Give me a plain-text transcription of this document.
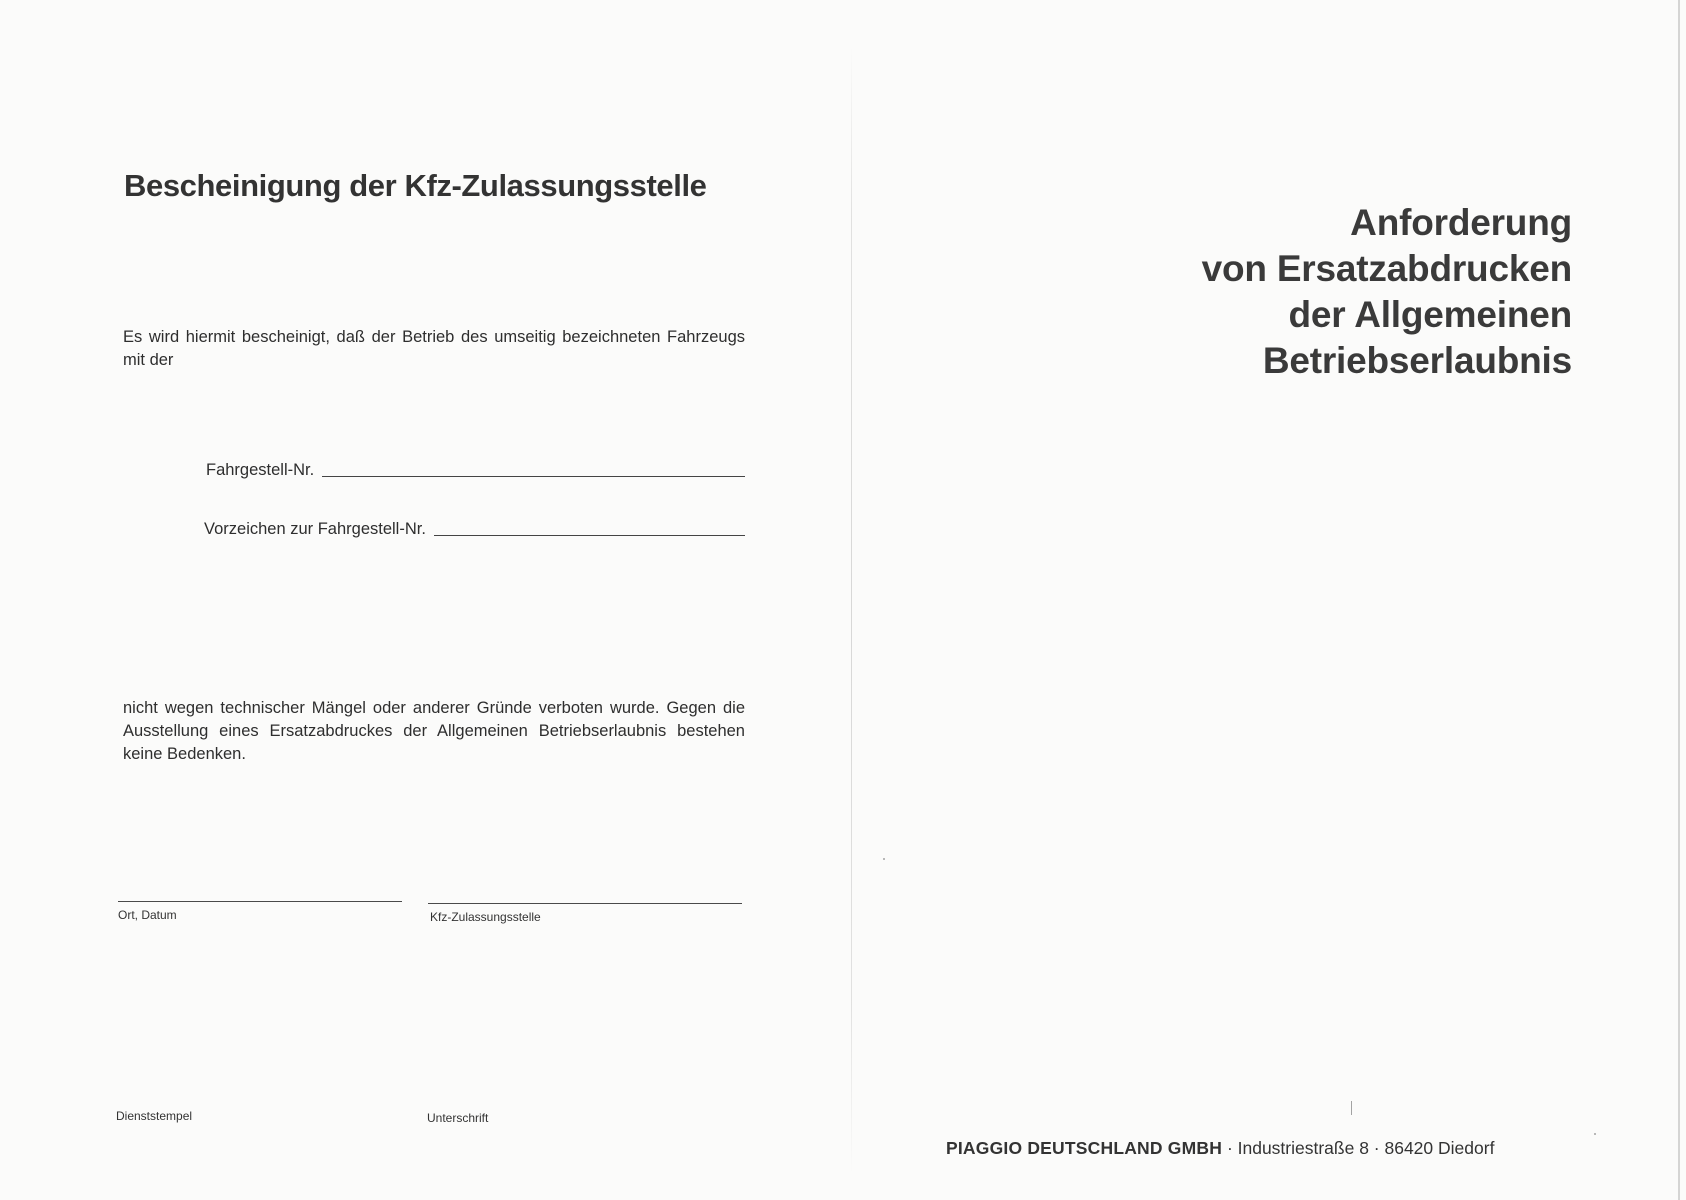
Bescheinigung der Kfz-Zulassungsstelle
Es wird hiermit bescheinigt, daß der Betrieb des umseitig bezeichneten Fahrzeugs mit der
Fahrgestell-Nr.
Vorzeichen zur Fahrgestell-Nr.
nicht wegen technischer Mängel oder anderer Gründe verboten wurde. Gegen die Ausstellung eines Ersatzabdruckes der Allgemeinen Betriebserlaubnis bestehen keine Bedenken.
Ort, Datum	Kfz-Zulassungsstelle
Dienststempel	Unterschrift
Anforderung
von Ersatzabdrucken
der Allgemeinen
Betriebserlaubnis
PIAGGIO DEUTSCHLAND GMBH · Industriestraße 8 · 86420 Diedorf
